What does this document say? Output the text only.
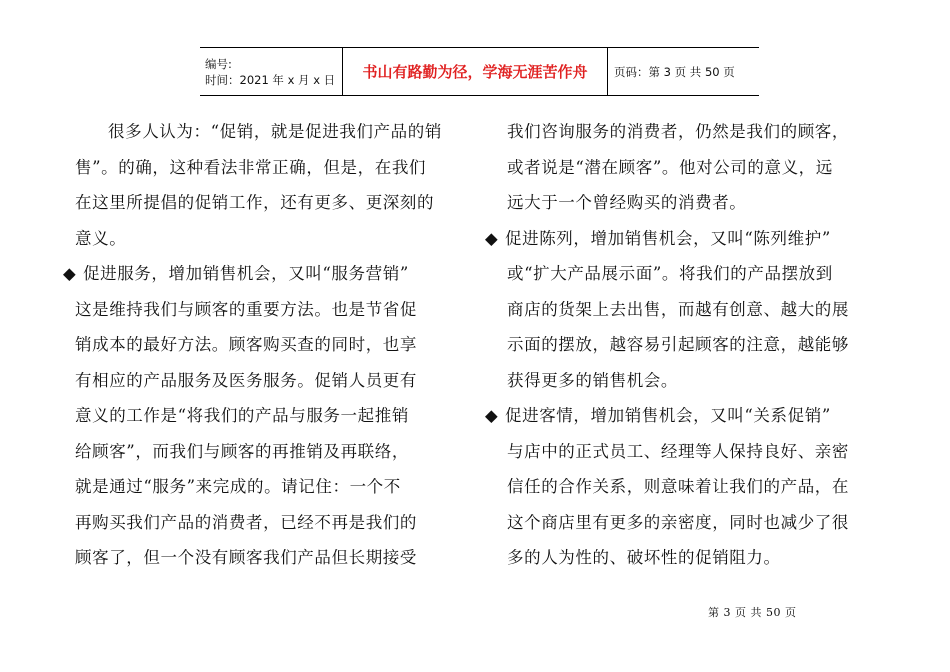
编号:
时间：2021 年 x 月 x 日	书山有路勤为径，学海无涯苦作舟	页码：第 3 页 共 50 页
很多人认为：“促销，就是促进我们产品的销
售”。的确，这种看法非常正确，但是，在我们
在这里所提倡的促销工作，还有更多、更深刻的
意义。
◆ 促进服务，增加销售机会，又叫“服务营销”
这是维持我们与顾客的重要方法。也是节省促
销成本的最好方法。顾客购买查的同时，也享
有相应的产品服务及医务服务。促销人员更有
意义的工作是“将我们的产品与服务一起推销
给顾客”，而我们与顾客的再推销及再联络，
就是通过“服务”来完成的。请记住：一个不
再购买我们产品的消费者，已经不再是我们的
顾客了，但一个没有顾客我们产品但长期接受
我们咨询服务的消费者，仍然是我们的顾客，
或者说是“潜在顾客”。他对公司的意义，远
远大于一个曾经购买的消费者。
◆ 促进陈列，增加销售机会，又叫“陈列维护”
或“扩大产品展示面”。将我们的产品摆放到
商店的货架上去出售，而越有创意、越大的展
示面的摆放，越容易引起顾客的注意，越能够
获得更多的销售机会。
◆ 促进客情，增加销售机会，又叫“关系促销”
与店中的正式员工、经理等人保持良好、亲密
信任的合作关系，则意味着让我们的产品，在
这个商店里有更多的亲密度，同时也减少了很
多的人为性的、破坏性的促销阻力。
第 3 页 共 50 页
